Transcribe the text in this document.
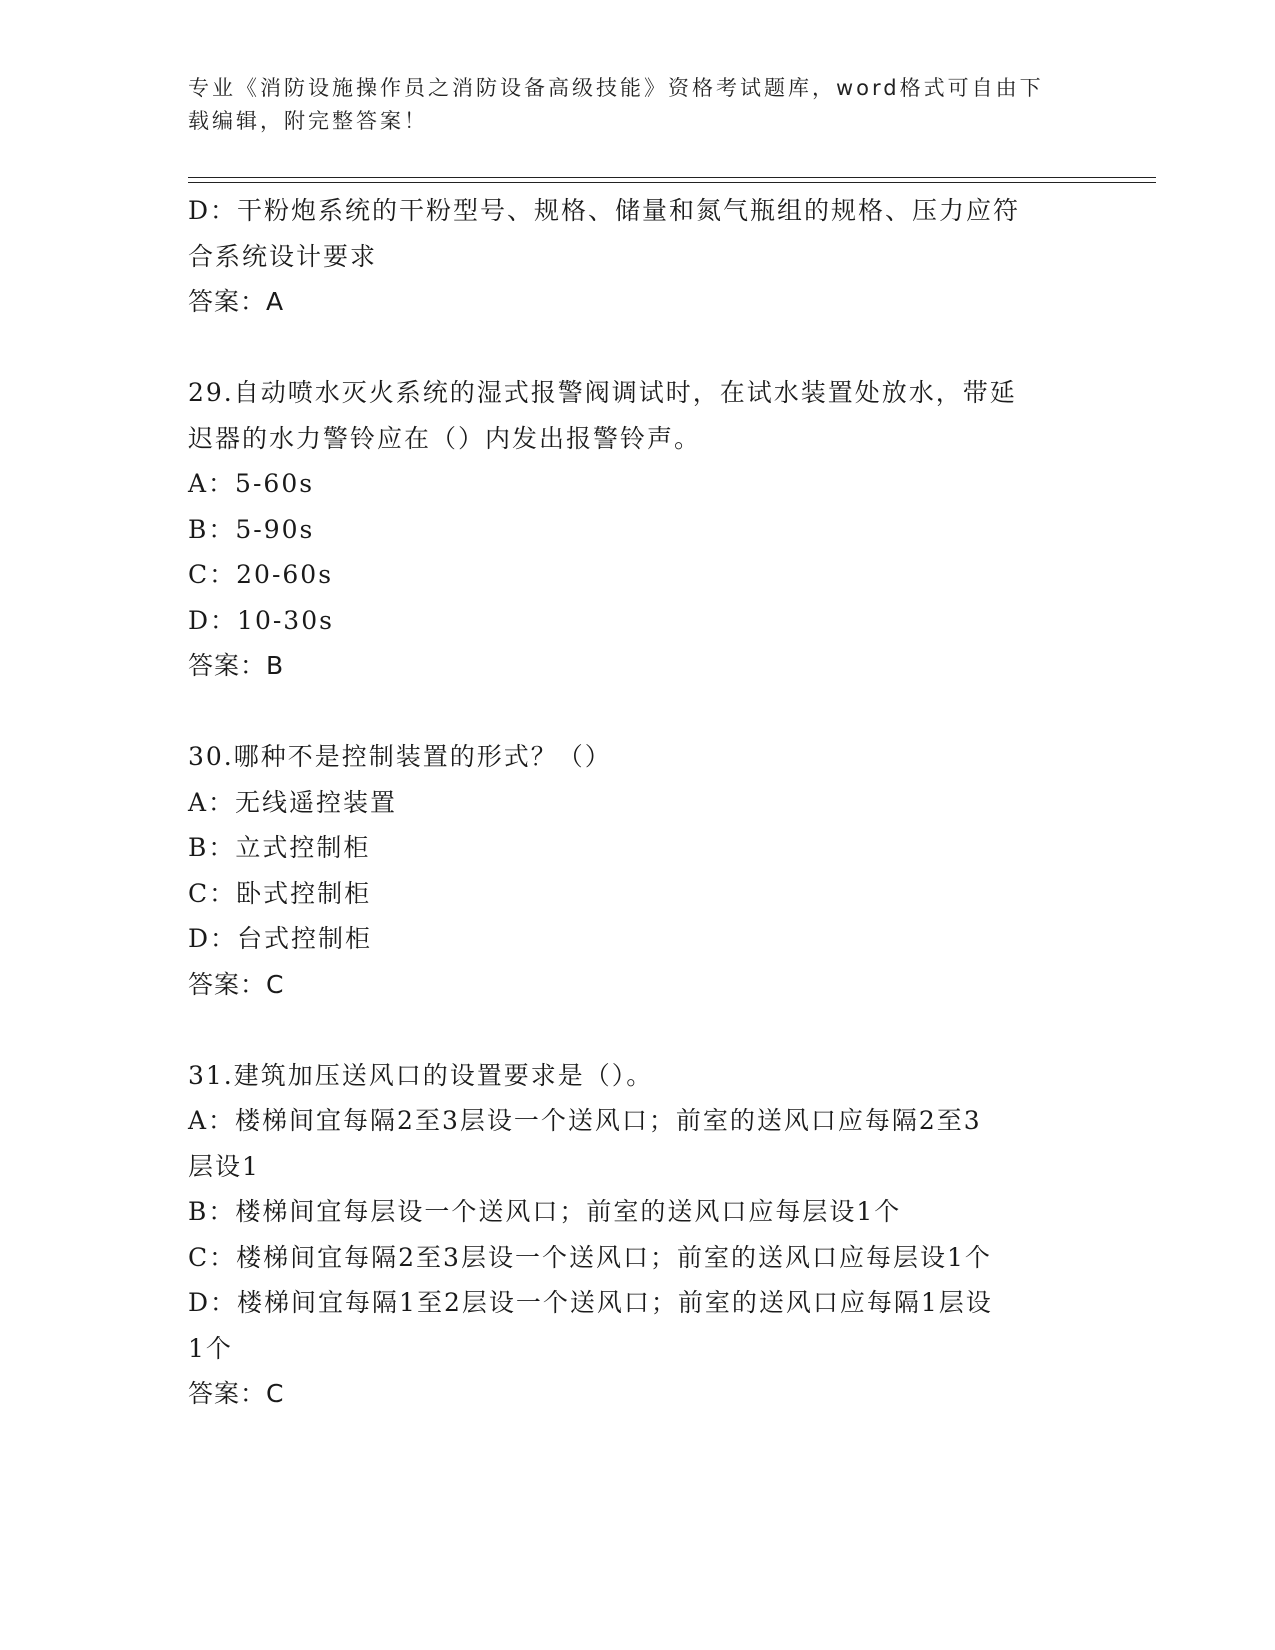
专业《消防设施操作员之消防设备高级技能》资格考试题库，word格式可自由下
载编辑，附完整答案！
D：干粉炮系统的干粉型号、规格、储量和氮气瓶组的规格、压力应符
合系统设计要求
答案：A
29.自动喷水灭火系统的湿式报警阀调试时，在试水装置处放水，带延
迟器的水力警铃应在（）内发出报警铃声。
A：5-60s
B：5-90s
C：20-60s
D：10-30s
答案：B
30.哪种不是控制装置的形式？（）
A：无线遥控装置
B：立式控制柜
C：卧式控制柜
D：台式控制柜
答案：C
31.建筑加压送风口的设置要求是（）。
A：楼梯间宜每隔2至3层设一个送风口；前室的送风口应每隔2至3
层设1
B：楼梯间宜每层设一个送风口；前室的送风口应每层设1个
C：楼梯间宜每隔2至3层设一个送风口；前室的送风口应每层设1个
D：楼梯间宜每隔1至2层设一个送风口；前室的送风口应每隔1层设
1个
答案：C
